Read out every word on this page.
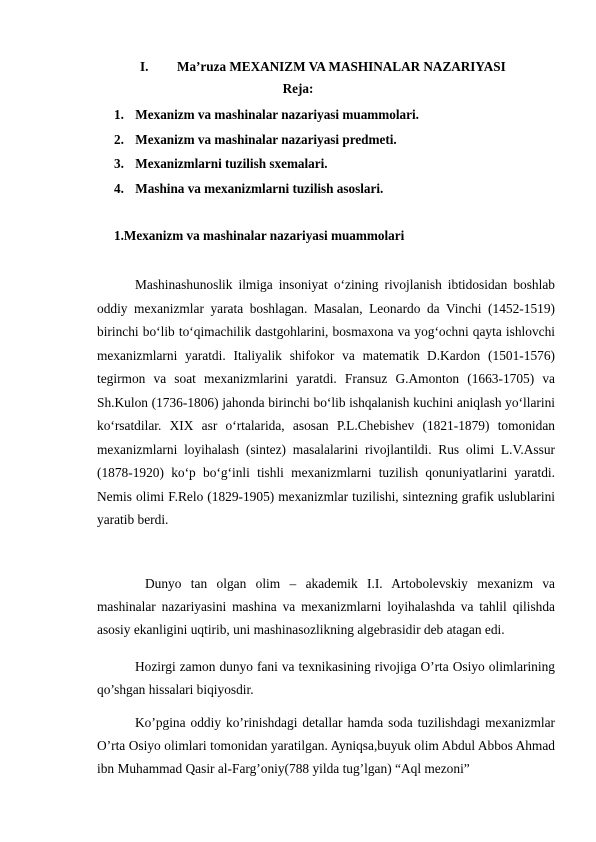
I. Ma’ruza MEXANIZM VA MASHINALAR NAZARIYASI
Reja:
1. Mexanizm va mashinalar nazariyasi muammolari.
2. Mexanizm va mashinalar nazariyasi predmeti.
3. Mexanizmlarni tuzilish sxemalari.
4. Mashina va mexanizmlarni tuzilish asoslari.
1.Mexanizm va mashinalar nazariyasi muammolari

Mashinashunoslik ilmiga insoniyat o‘zining rivojlanish ibtidosidan boshlab oddiy mexanizmlar yarata boshlagan. Masalan, Leonardo da Vinchi (1452-1519) birinchi bo‘lib to‘qimachilik dastgohlarini, bosmaxona va yog‘ochni qayta ishlovchi mexanizmlarni yaratdi. Italiyalik shifokor va matematik D.Kardon (1501-1576) tegirmon va soat mexanizmlarini yaratdi. Fransuz G.Amonton (1663-1705) va Sh.Kulon (1736-1806) jahonda birinchi bo‘lib ishqalanish kuchini aniqlash yo‘llarini ko‘rsatdilar. XIX asr o‘rtalarida, asosan P.L.Chebishev (1821-1879) tomonidan mexanizmlarni loyihalash (sintez) masalalarini rivojlantildi. Rus olimi L.V.Assur (1878-1920) ko‘p bo‘g‘inli tishli mexanizmlarni tuzilish qonuniyatlarini yaratdi. Nemis olimi F.Relo (1829-1905) mexanizmlar tuzilishi, sintezning grafik uslublarini yaratib berdi.

Dunyo tan olgan olim – akademik I.I. Artobolevskiy mexanizm va mashinalar nazariyasini mashina va mexanizmlarni loyihalashda va tahlil qilishda asosiy ekanligini uqtirib, uni mashinasozlikning algebrasidir deb atagan edi.

Hozirgi zamon dunyo fani va texnikasining rivojiga O’rta Osiyo olimlarining qo’shgan hissalari biqiyosdir.

Ko’pgina oddiy ko’rinishdagi detallar hamda soda tuzilishdagi mexanizmlar O’rta Osiyo olimlari tomonidan yaratilgan. Ayniqsa,buyuk olim Abdul Abbos Ahmad ibn Muhammad Qasir al-Farg’oniy(788 yilda tug’lgan) “Aql mezoni”
